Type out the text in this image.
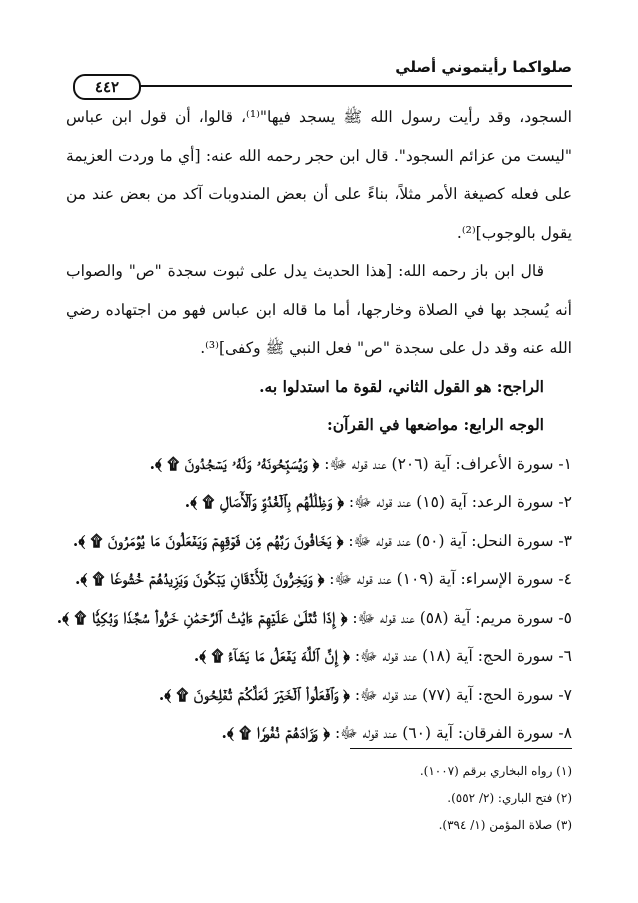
صلواكما رأيتموني أصلي
٤٤٢

السجود، وقد رأيت رسول الله ﷺ يسجد فيها"⁽¹⁾، قالوا، أن قول ابن عباس "ليست من عزائم السجود". قال ابن حجر رحمه الله عنه: [أي ما وردت العزيمة على فعله كصيغة الأمر مثلاً، بناءً على أن بعض المندوبات آكد من بعض عند من يقول بالوجوب]⁽²⁾.

قال ابن باز رحمه الله: [هذا الحديث يدل على ثبوت سجدة "ص" والصواب أنه يُسجد بها في الصلاة وخارجها، أما ما قاله ابن عباس فهو من اجتهاده رضي الله عنه وقد دل على سجدة "ص" فعل النبي ﷺ وكفى]⁽³⁾.

الراجح: هو القول الثاني، لقوة ما استدلوا به.

الوجه الرابع: مواضعها في القرآن:

١- سورة الأعراف: آية (٢٠٦) عند قوله ﷻ: ﴿ وَيُسَبِّحُونَهُۥ وَلَهُۥ يَسۡجُدُونَ ۩ ﴾.
٢- سورة الرعد: آية (١٥) عند قوله ﷻ: ﴿ وَظِلَٰلُهُم بِٱلۡغُدُوِّ وَٱلۡأٓصَالِ ۩ ﴾.
٣- سورة النحل: آية (٥٠) عند قوله ﷻ: ﴿ يَخَافُونَ رَبَّهُم مِّن فَوۡقِهِمۡ وَيَفۡعَلُونَ مَا يُؤۡمَرُونَ ۩ ﴾.
٤- سورة الإسراء: آية (١٠٩) عند قوله ﷻ: ﴿ وَيَخِرُّونَ لِلۡأَذۡقَانِ يَبۡكُونَ وَيَزِيدُهُمۡ خُشُوعٗا ۩ ﴾.
٥- سورة مريم: آية (٥٨) عند قوله ﷻ: ﴿ إِذَا تُتۡلَىٰ عَلَيۡهِمۡ ءَايَٰتُ ٱلرَّحۡمَٰنِ خَرُّواْۤ سُجَّدٗا وَبُكِيّٗا ۩ ﴾.
٦- سورة الحج: آية (١٨) عند قوله ﷻ: ﴿ إِنَّ ٱللَّهَ يَفۡعَلُ مَا يَشَآءُ ۩ ﴾.
٧- سورة الحج: آية (٧٧) عند قوله ﷻ: ﴿ وَٱفۡعَلُواْ ٱلۡخَيۡرَ لَعَلَّكُمۡ تُفۡلِحُونَ ۩ ﴾.
٨- سورة الفرقان: آية (٦٠) عند قوله ﷻ: ﴿ وَزَادَهُمۡ نُفُورٗا ۩ ﴾.
(١) رواه البخاري برقم (١٠٠٧).
(٢) فتح الباري: (٢/ ٥٥٢).
(٣) صلاة المؤمن (١/ ٣٩٤).
